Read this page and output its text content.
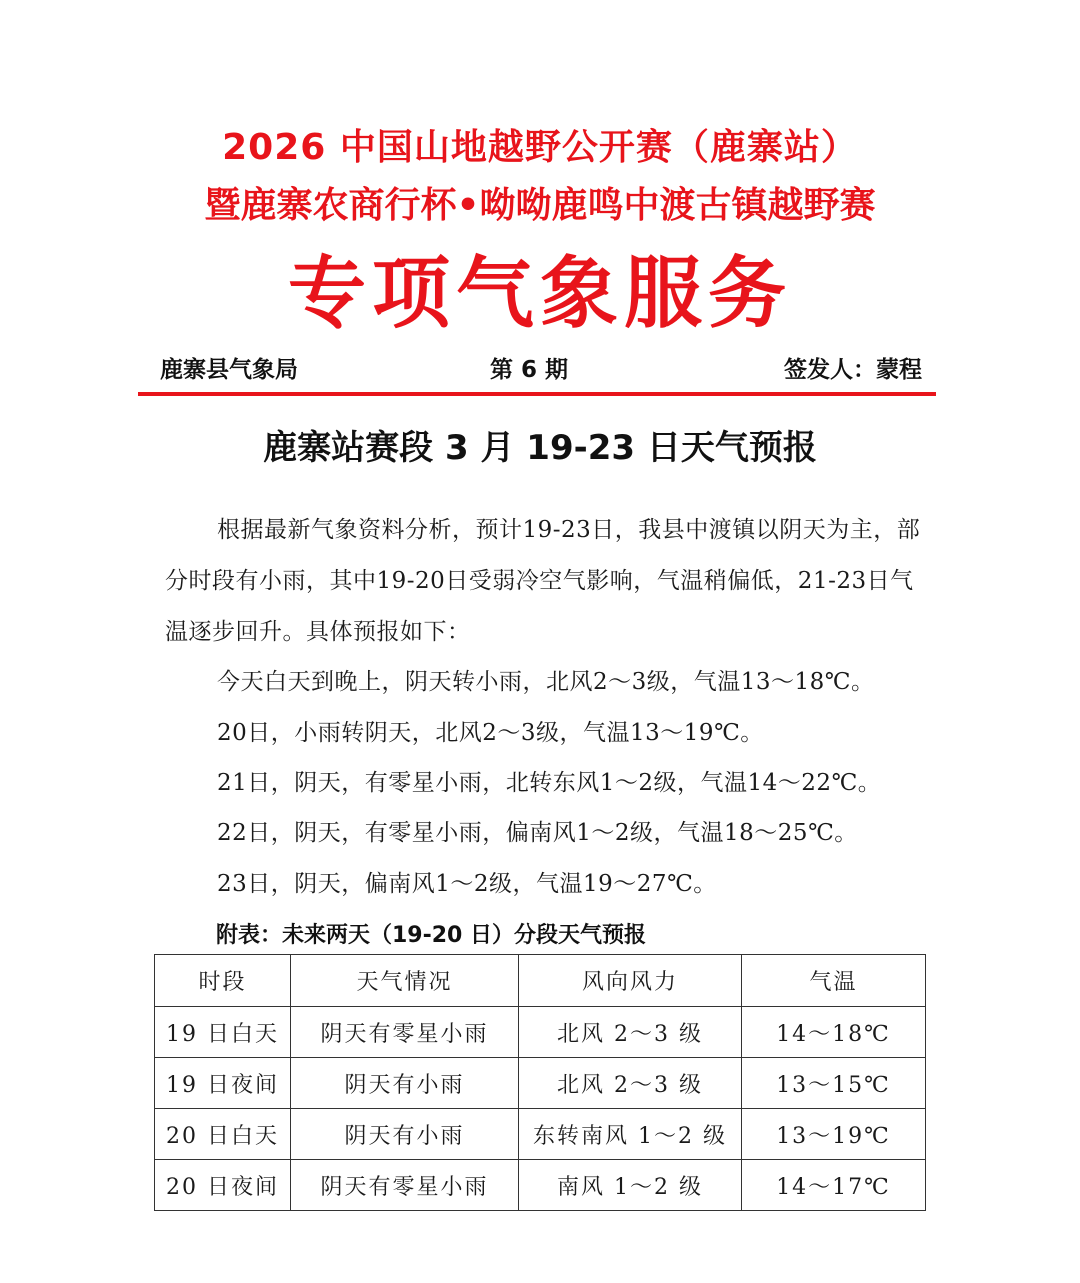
2026 中国山地越野公开赛（鹿寨站）
暨鹿寨农商行杯•呦呦鹿鸣中渡古镇越野赛
专项气象服务
鹿寨县气象局	第 6 期	签发人：蒙程
鹿寨站赛段 3 月 19-23 日天气预报
根据最新气象资料分析，预计19-23日，我县中渡镇以阴天为主，部分时段有小雨，其中19-20日受弱冷空气影响，气温稍偏低，21-23日气温逐步回升。具体预报如下：
今天白天到晚上，阴天转小雨，北风2～3级，气温13～18℃。
20日，小雨转阴天，北风2～3级，气温13～19℃。
21日，阴天，有零星小雨，北转东风1～2级，气温14～22℃。
22日，阴天，有零星小雨，偏南风1～2级，气温18～25℃。
23日，阴天，偏南风1～2级，气温19～27℃。
附表：未来两天（19-20 日）分段天气预报
时段	天气情况	风向风力	气温
19 日白天	阴天有零星小雨	北风 2～3 级	14～18℃
19 日夜间	阴天有小雨	北风 2～3 级	13～15℃
20 日白天	阴天有小雨	东转南风 1～2 级	13～19℃
20 日夜间	阴天有零星小雨	南风 1～2 级	14～17℃
